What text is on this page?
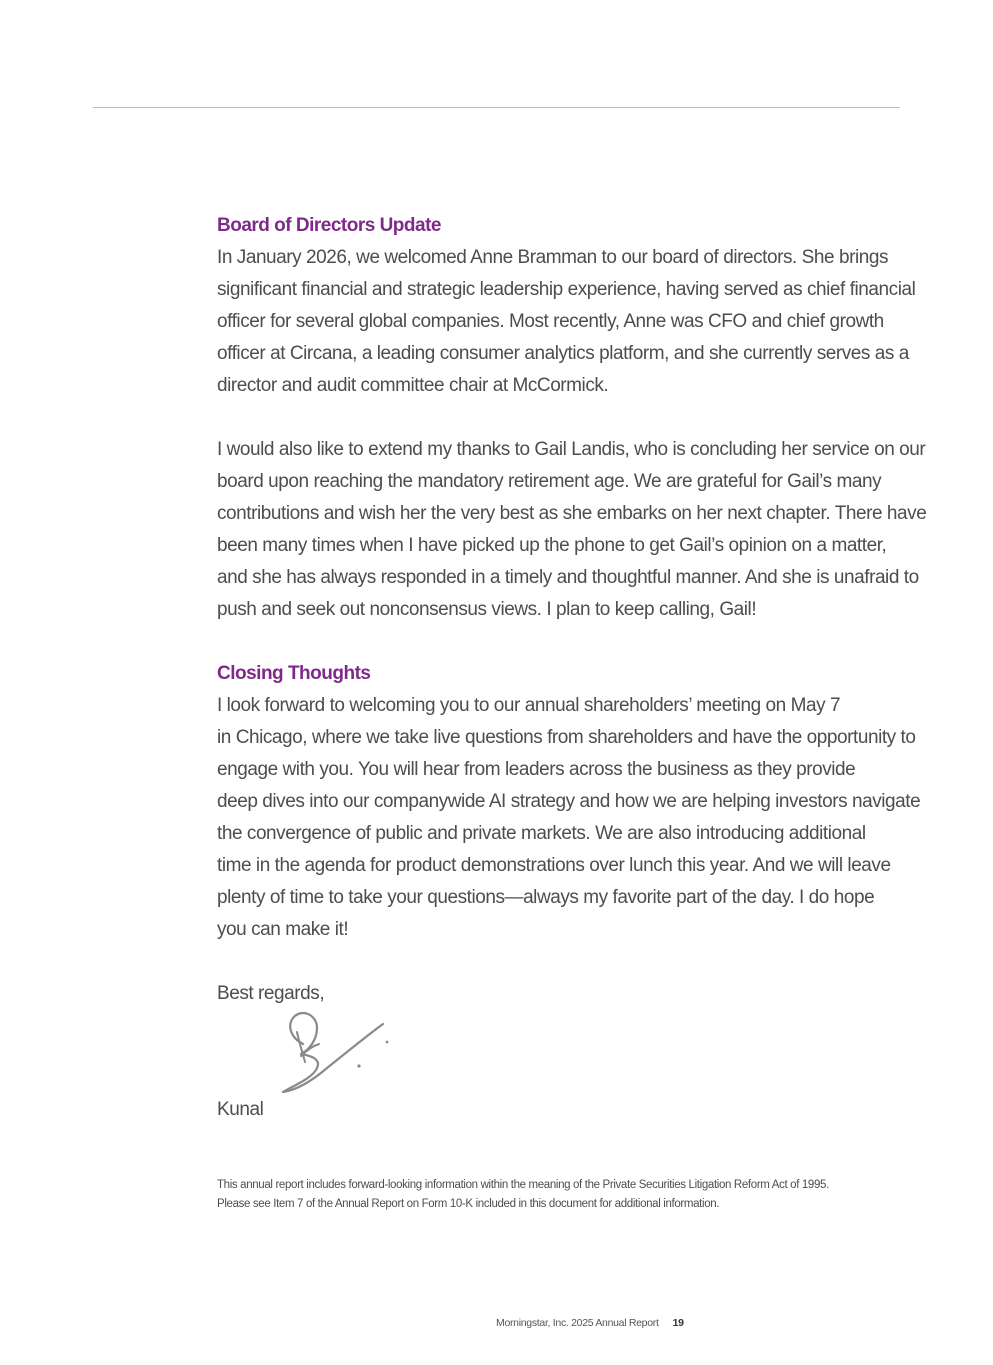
Board of Directors Update

In January 2026, we welcomed Anne Bramman to our board of directors. She brings

significant financial and strategic leadership experience, having served as chief financial

officer for several global companies. Most recently, Anne was CFO and chief growth

officer at Circana, a leading consumer analytics platform, and she currently serves as a

director and audit committee chair at McCormick.

I would also like to extend my thanks to Gail Landis, who is concluding her service on our

board upon reaching the mandatory retirement age. We are grateful for Gail’s many

contributions and wish her the very best as she embarks on her next chapter. There have

been many times when I have picked up the phone to get Gail’s opinion on a matter,

and she has always responded in a timely and thoughtful manner. And she is unafraid to

push and seek out nonconsensus views. I plan to keep calling, Gail!

Closing Thoughts

I look forward to welcoming you to our annual shareholders’ meeting on May 7

in Chicago, where we take live questions from shareholders and have the opportunity to

engage with you. You will hear from leaders across the business as they provide

deep dives into our companywide AI strategy and how we are helping investors navigate

the convergence of public and private markets. We are also introducing additional

time in the agenda for product demonstrations over lunch this year. And we will leave

plenty of time to take your questions—always my favorite part of the day. I do hope

you can make it!

Best regards,

Kunal

This annual report includes forward-looking information within the meaning of the Private Securities Litigation Reform Act of 1995.
Please see Item 7 of the Annual Report on Form 10-K included in this document for additional information.
Morningstar, Inc. 2025 Annual Report 19
